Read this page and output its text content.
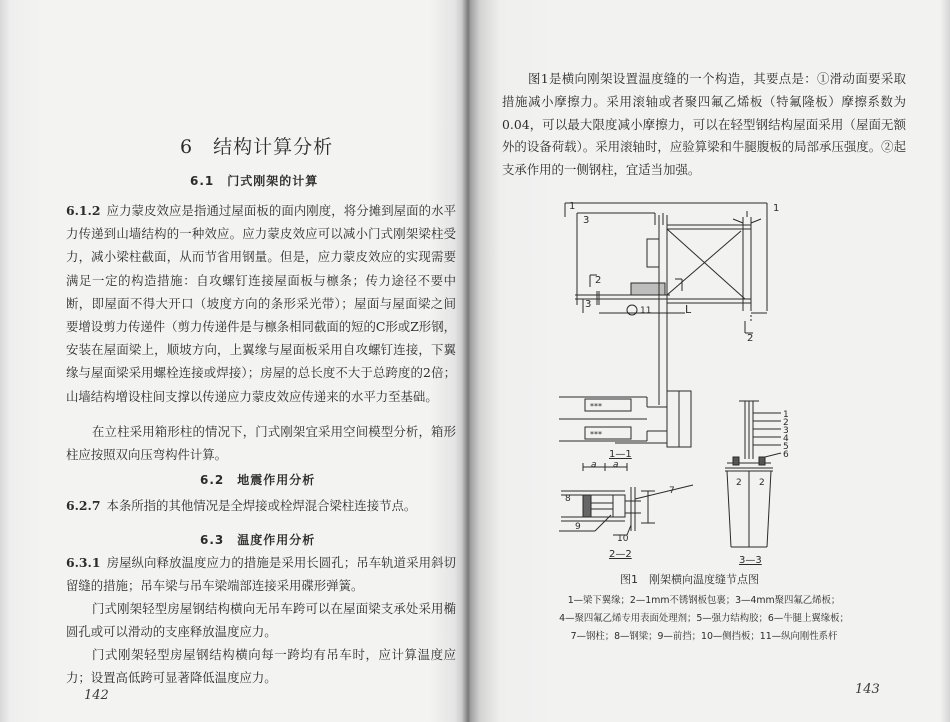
6　结构计算分析
6.1　门式刚架的计算

6.1.2 应力蒙皮效应是指通过屋面板的面内刚度，将分摊到屋面的水平力传递到山墙结构的一种效应。应力蒙皮效应可以减小门式刚架梁柱受力，减小梁柱截面，从而节省用钢量。但是，应力蒙皮效应的实现需要满足一定的构造措施：自攻螺钉连接屋面板与檩条；传力途径不要中断，即屋面不得大开口（坡度方向的条形采光带）；屋面与屋面梁之间要增设剪力传递件（剪力传递件是与檩条相同截面的短的C形或Z形钢，安装在屋面梁上，顺坡方向，上翼缘与屋面板采用自攻螺钉连接，下翼缘与屋面梁采用螺栓连接或焊接）；房屋的总长度不大于总跨度的2倍；山墙结构增设柱间支撑以传递应力蒙皮效应传递来的水平力至基础。

在立柱采用箱形柱的情况下，门式刚架宜采用空间模型分析，箱形柱应按照双向压弯构件计算。

6.2　地震作用分析

6.2.7 本条所指的其他情况是全焊接或栓焊混合梁柱连接节点。

6.3　温度作用分析

6.3.1 房屋纵向释放温度应力的措施是采用长圆孔；吊车轨道采用斜切留缝的措施；吊车梁与吊车梁端部连接采用碟形弹簧。

门式刚架轻型房屋钢结构横向无吊车跨可以在屋面梁支承处采用椭圆孔或可以滑动的支座释放温度应力。

门式刚架轻型房屋钢结构横向每一跨均有吊车时，应计算温度应力；设置高低跨可显著降低温度应力。

142

图1是横向刚架设置温度缝的一个构造，其要点是：①滑动面要采取措施减小摩擦力。采用滚轴或者聚四氟乙烯板（特氟隆板）摩擦系数为0.04，可以最大限度减小摩擦力，可以在轻型钢结构屋面采用（屋面无额外的设备荷载）。采用滚轴时，应验算梁和牛腿腹板的局部承压强度。②起支承作用的一侧钢柱，宜适当加强。

1
3
1
2
3
11	L
2
***
***
1—1
1
2
3
4
5
6
2 2
3—3
a a
8
7
9
10
2—2
图1　刚架横向温度缝节点图
1—梁下翼缘；2—1mm不锈钢板包裹；3—4mm聚四氟乙烯板；
4—聚四氟乙烯专用表面处理剂；5—强力结构胶；6—牛腿上翼缘板；
7—钢柱；8—钢梁；9—前挡；10—侧挡板；11—纵向刚性系杆
143
